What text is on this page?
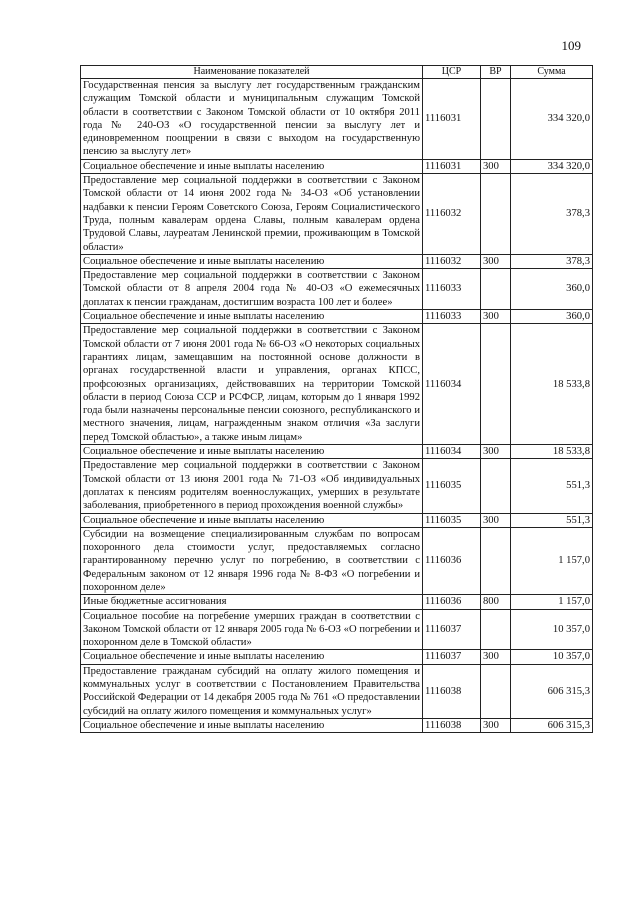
109
Наименование показателей	ЦСР	ВР	Сумма
Государственная пенсия за выслугу лет государственным гражданским служащим Томской области и муниципальным служащим Томской области в соответствии с Законом Томской области от 10 октября 2011 года № 240-ОЗ «О государственной пенсии за выслугу лет и единовременном поощрении в связи с выходом на государственную пенсию за выслугу лет»	1116031		334 320,0
Социальное обеспечение и иные выплаты населению	1116031	300	334 320,0
Предоставление мер социальной поддержки в соответствии с Законом Томской области от 14 июня 2002 года № 34-ОЗ «Об установлении надбавки к пенсии Героям Советского Союза, Героям Социалистического Труда, полным кавалерам ордена Славы, полным кавалерам ордена Трудовой Славы, лауреатам Ленинской премии, проживающим в Томской области»	1116032		378,3
Социальное обеспечение и иные выплаты населению	1116032	300	378,3
Предоставление мер социальной поддержки в соответствии с Законом Томской области от 8 апреля 2004 года № 40-ОЗ «О ежемесячных доплатах к пенсии гражданам, достигшим возраста 100 лет и более»	1116033		360,0
Социальное обеспечение и иные выплаты населению	1116033	300	360,0
Предоставление мер социальной поддержки в соответствии с Законом Томской области от 7 июня 2001 года № 66-ОЗ «О некоторых социальных гарантиях лицам, замещавшим на постоянной основе должности в органах государственной власти и управления, органах КПСС, профсоюзных организациях, действовавших на территории Томской области в период Союза ССР и РСФСР, лицам, которым до 1 января 1992 года были назначены персональные пенсии союзного, республиканского и местного значения, лицам, награжденным знаком отличия «За заслуги перед Томской областью», а также иным лицам»	1116034		18 533,8
Социальное обеспечение и иные выплаты населению	1116034	300	18 533,8
Предоставление мер социальной поддержки в соответствии с Законом Томской области от 13 июня 2001 года № 71-ОЗ «Об индивидуальных доплатах к пенсиям родителям военнослужащих, умерших в результате заболевания, приобретенного в период прохождения военной службы»	1116035		551,3
Социальное обеспечение и иные выплаты населению	1116035	300	551,3
Субсидии на возмещение специализированным службам по вопросам похоронного дела стоимости услуг, предоставляемых согласно гарантированному перечню услуг по погребению, в соответствии с Федеральным законом от 12 января 1996 года № 8-ФЗ «О погребении и похоронном деле»	1116036		1 157,0
Иные бюджетные ассигнования	1116036	800	1 157,0
Социальное пособие на погребение умерших граждан в соответствии с Законом Томской области от 12 января 2005 года № 6-ОЗ «О погребении и похоронном деле в Томской области»	1116037		10 357,0
Социальное обеспечение и иные выплаты населению	1116037	300	10 357,0
Предоставление гражданам субсидий на оплату жилого помещения и коммунальных услуг в соответствии с Постановлением Правительства Российской Федерации от 14 декабря 2005 года № 761 «О предоставлении субсидий на оплату жилого помещения и коммунальных услуг»	1116038		606 315,3
Социальное обеспечение и иные выплаты населению	1116038	300	606 315,3
